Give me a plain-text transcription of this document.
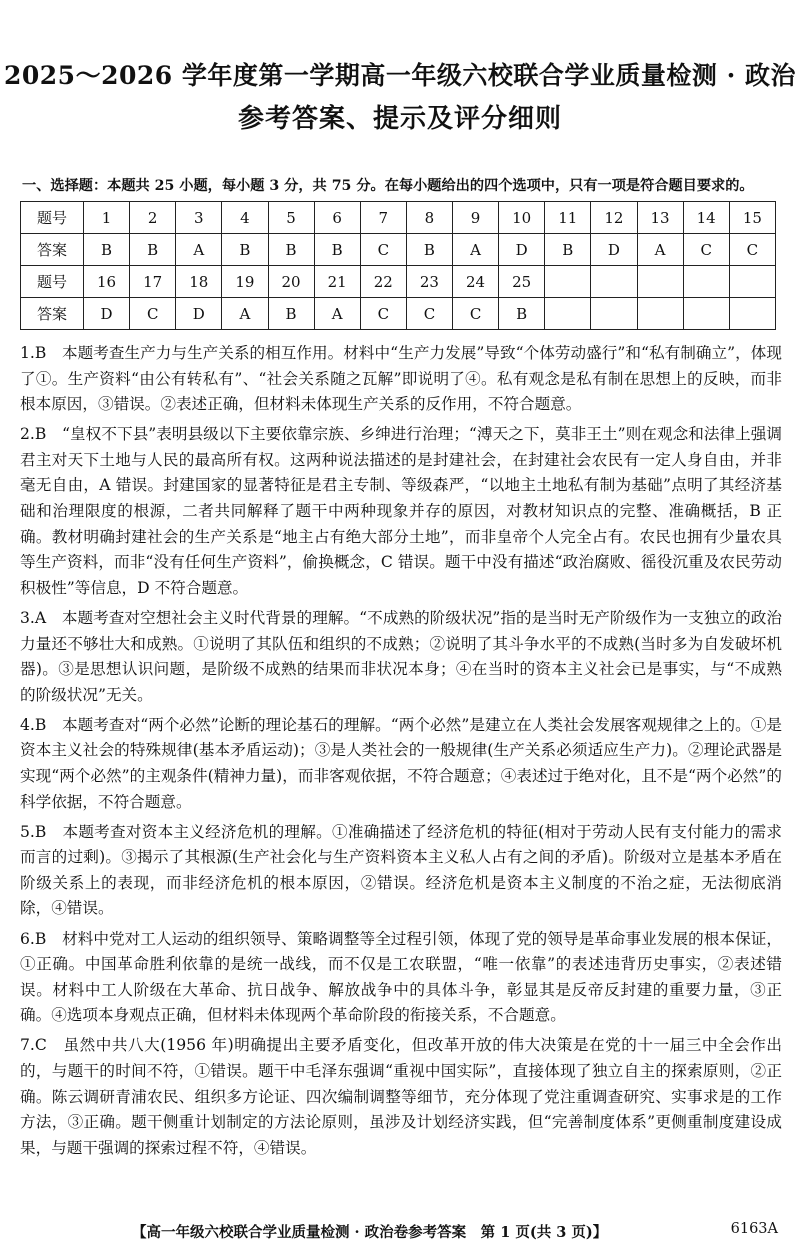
2025～2026 学年度第一学期高一年级六校联合学业质量检测 · 政治
参考答案、提示及评分细则
一、选择题：本题共 25 小题，每小题 3 分，共 75 分。在每小题给出的四个选项中，只有一项是符合题目要求的。
题号	1	2	3	4	5	6	7	8	9	10	11	12	13	14	15
答案	B	B	A	B	B	B	C	B	A	D	B	D	A	C	C
题号	16	17	18	19	20	21	22	23	24	25					
答案	D	C	D	A	B	A	C	C	C	B					

1.B　 本题考查生产力与生产关系的相互作用。材料中“生产力发展”导致“个体劳动盛行”和“私有制确立”，体现了①。生产资料“由公有转私有”、“社会关系随之瓦解”即说明了④。私有观念是私有制在思想上的反映，而非根本原因，③错误。②表述正确，但材料未体现生产关系的反作用，不符合题意。

2.B　 “皇权不下县”表明县级以下主要依靠宗族、乡绅进行治理；“溥天之下，莫非王土”则在观念和法律上强调君主对天下土地与人民的最高所有权。这两种说法描述的是封建社会，在封建社会农民有一定人身自由，并非毫无自由，A 错误。封建国家的显著特征是君主专制、等级森严，“以地主土地私有制为基础”点明了其经济基础和治理限度的根源，二者共同解释了题干中两种现象并存的原因，对教材知识点的完整、准确概括，B 正确。教材明确封建社会的生产关系是“地主占有绝大部分土地”，而非皇帝个人完全占有。农民也拥有少量农具等生产资料，而非“没有任何生产资料”，偷换概念，C 错误。题干中没有描述“政治腐败、徭役沉重及农民劳动积极性”等信息，D 不符合题意。

3.A　 本题考查对空想社会主义时代背景的理解。“不成熟的阶级状况”指的是当时无产阶级作为一支独立的政治力量还不够壮大和成熟。①说明了其队伍和组织的不成熟；②说明了其斗争水平的不成熟(当时多为自发破坏机器)。③是思想认识问题，是阶级不成熟的结果而非状况本身；④在当时的资本主义社会已是事实，与“不成熟的阶级状况”无关。

4.B　 本题考查对“两个必然”论断的理论基石的理解。“两个必然”是建立在人类社会发展客观规律之上的。①是资本主义社会的特殊规律(基本矛盾运动)；③是人类社会的一般规律(生产关系必须适应生产力)。②理论武器是实现“两个必然”的主观条件(精神力量)，而非客观依据，不符合题意；④表述过于绝对化，且不是“两个必然”的科学依据，不符合题意。

5.B　 本题考查对资本主义经济危机的理解。①准确描述了经济危机的特征(相对于劳动人民有支付能力的需求而言的过剩)。③揭示了其根源(生产社会化与生产资料资本主义私人占有之间的矛盾)。阶级对立是基本矛盾在阶级关系上的表现，而非经济危机的根本原因，②错误。经济危机是资本主义制度的不治之症，无法彻底消除，④错误。

6.B　 材料中党对工人运动的组织领导、策略调整等全过程引领，体现了党的领导是革命事业发展的根本保证，①正确。中国革命胜利依靠的是统一战线，而不仅是工农联盟，“唯一依靠”的表述违背历史事实，②表述错误。材料中工人阶级在大革命、抗日战争、解放战争中的具体斗争，彰显其是反帝反封建的重要力量，③正确。④选项本身观点正确，但材料未体现两个革命阶段的衔接关系，不合题意。

7.C　 虽然中共八大(1956 年)明确提出主要矛盾变化，但改革开放的伟大决策是在党的十一届三中全会作出的，与题干的时间不符，①错误。题干中毛泽东强调“重视中国实际”，直接体现了独立自主的探索原则，②正确。陈云调研青浦农民、组织多方论证、四次编制调整等细节，充分体现了党注重调查研究、实事求是的工作方法，③正确。题干侧重计划制定的方法论原则，虽涉及计划经济实践，但“完善制度体系”更侧重制度建设成果，与题干强调的探索过程不符，④错误。

【高一年级六校联合学业质量检测 · 政治卷参考答案　第 1 页(共 3 页)】	6163A
